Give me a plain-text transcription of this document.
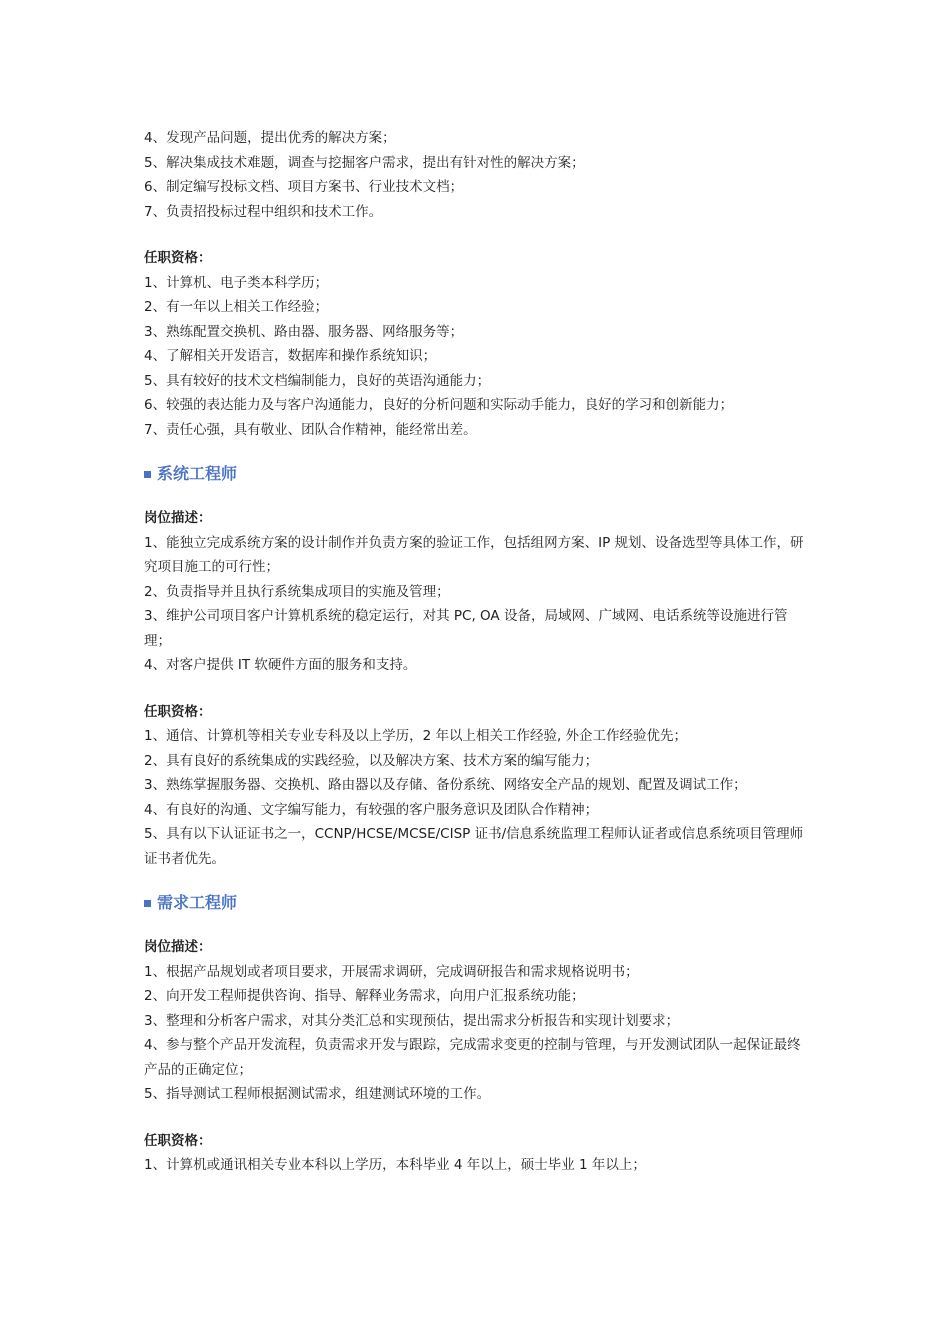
4、发现产品问题，提出优秀的解决方案；

5、解决集成技术难题，调查与挖掘客户需求，提出有针对性的解决方案；

6、制定编写投标文档、项目方案书、行业技术文档；

7、负责招投标过程中组织和技术工作。

任职资格：

1、计算机、电子类本科学历；

2、有一年以上相关工作经验；

3、熟练配置交换机、路由器、服务器、网络服务等；

4、了解相关开发语言，数据库和操作系统知识；

5、具有较好的技术文档编制能力，良好的英语沟通能力；

6、较强的表达能力及与客户沟通能力，良好的分析问题和实际动手能力，良好的学习和创新能力；

7、责任心强，具有敬业、团队合作精神，能经常出差。

系统工程师

岗位描述：

1、能独立完成系统方案的设计制作并负责方案的验证工作，包括组网方案、IP 规划、设备选型等具体工作，研究项目施工的可行性；

2、负责指导并且执行系统集成项目的实施及管理；

3、维护公司项目客户计算机系统的稳定运行，对其 PC, OA 设备，局域网、广域网、电话系统等设施进行管理；

4、对客户提供 IT 软硬件方面的服务和支持。

任职资格：

1、通信、计算机等相关专业专科及以上学历，2 年以上相关工作经验, 外企工作经验优先；

2、具有良好的系统集成的实践经验，以及解决方案、技术方案的编写能力；

3、熟练掌握服务器、交换机、路由器以及存储、备份系统、网络安全产品的规划、配置及调试工作；

4、有良好的沟通、文字编写能力，有较强的客户服务意识及团队合作精神；

5、具有以下认证证书之一，CCNP/HCSE/MCSE/CISP 证书/信息系统监理工程师认证者或信息系统项目管理师证书者优先。

需求工程师

岗位描述：

1、根据产品规划或者项目要求，开展需求调研，完成调研报告和需求规格说明书；

2、向开发工程师提供咨询、指导、解释业务需求，向用户汇报系统功能；

3、整理和分析客户需求，对其分类汇总和实现预估，提出需求分析报告和实现计划要求；

4、参与整个产品开发流程，负责需求开发与跟踪，完成需求变更的控制与管理，与开发测试团队一起保证最终产品的正确定位；

5、指导测试工程师根据测试需求，组建测试环境的工作。

任职资格：

1、计算机或通讯相关专业本科以上学历，本科毕业 4 年以上，硕士毕业 1 年以上；
